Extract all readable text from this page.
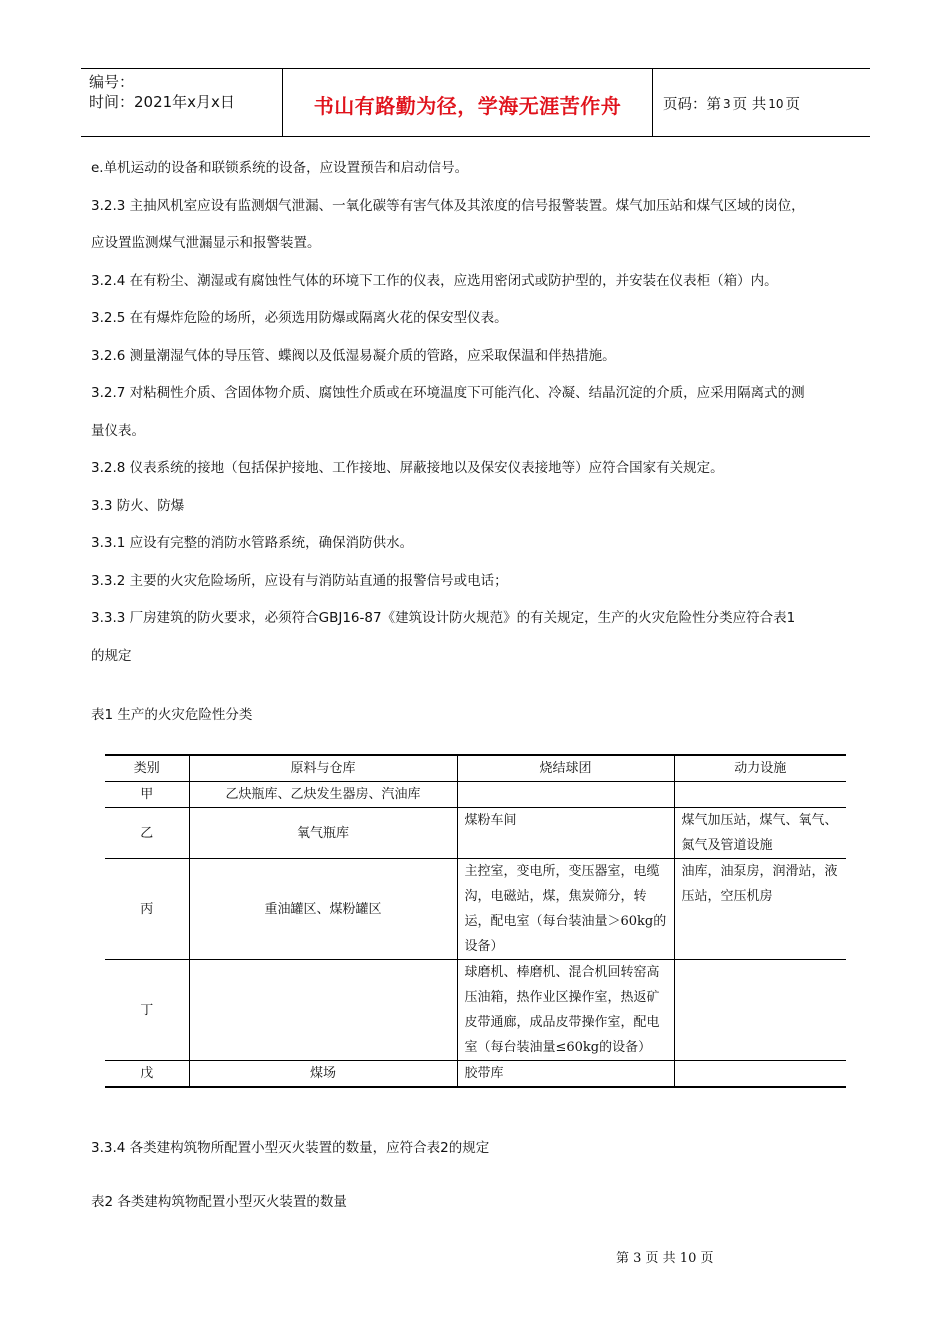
编号：
时间：2021年x月x日	书山有路勤为径，学海无涯苦作舟	页码：第 3 页 共 10 页

e.单机运动的设备和联锁系统的设备，应设置预告和启动信号。

3.2.3 主抽风机室应设有监测烟气泄漏、一氧化碳等有害气体及其浓度的信号报警装置。煤气加压站和煤气区域的岗位，

应设置监测煤气泄漏显示和报警装置。

3.2.4 在有粉尘、潮湿或有腐蚀性气体的环境下工作的仪表，应选用密闭式或防护型的，并安装在仪表柜（箱）内。

3.2.5 在有爆炸危险的场所，必须选用防爆或隔离火花的保安型仪表。

3.2.6 测量潮湿气体的导压管、蝶阀以及低湿易凝介质的管路，应采取保温和伴热措施。

3.2.7 对粘稠性介质、含固体物介质、腐蚀性介质或在环境温度下可能汽化、冷凝、结晶沉淀的介质，应采用隔离式的测

量仪表。

3.2.8 仪表系统的接地（包括保护接地、工作接地、屏蔽接地以及保安仪表接地等）应符合国家有关规定。

3.3 防火、防爆

3.3.1 应设有完整的消防水管路系统，确保消防供水。

3.3.2 主要的火灾危险场所，应设有与消防站直通的报警信号或电话；

3.3.3 厂房建筑的防火要求，必须符合GBJ16-87《建筑设计防火规范》的有关规定，生产的火灾危险性分类应符合表1

的规定

表1 生产的火灾危险性分类
类别	原料与仓库	烧结球团	动力设施
甲	乙炔瓶库、乙炔发生器房、汽油库		
乙	氧气瓶库	煤粉车间	煤气加压站，煤气、氧气、氮气及管道设施
丙	重油罐区、煤粉罐区	主控室，变电所，变压器室，电缆沟，电磁站，煤，焦炭筛分，转运，配电室（每台装油量＞60kg的设备）	油库，油泵房，润滑站，液压站，空压机房
丁		球磨机、棒磨机、混合机回转窑高压油箱，热作业区操作室，热返矿皮带通廊，成品皮带操作室，配电室（每台装油量≤60kg的设备）	
戊	煤场	胶带库	
3.3.4 各类建构筑物所配置小型灭火装置的数量，应符合表2的规定
表2 各类建构筑物配置小型灭火装置的数量
第 3 页 共 10 页
